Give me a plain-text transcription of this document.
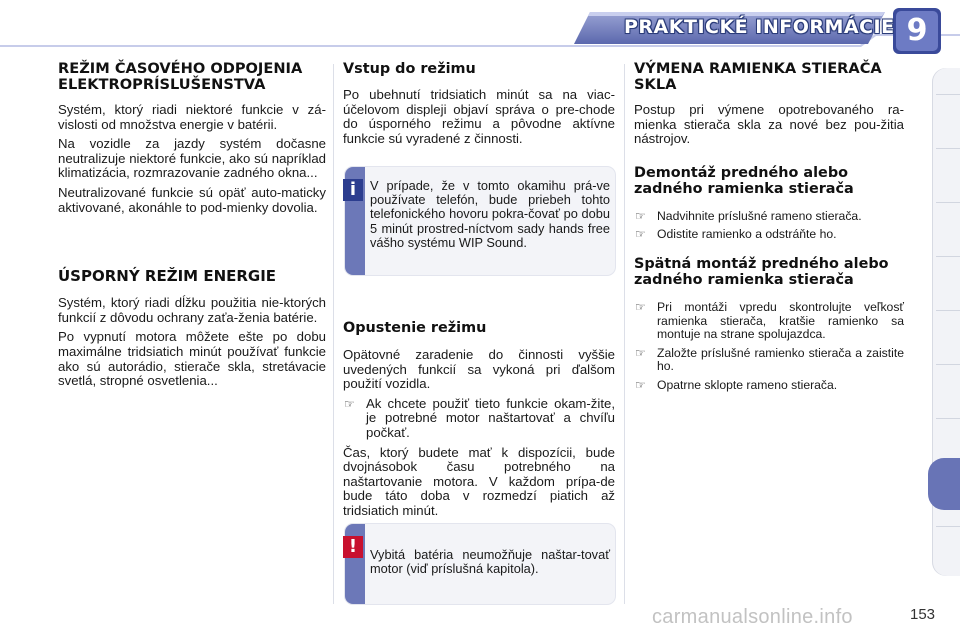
PRAKTICKÉ INFORMÁCIE 9
REŽIM ČASOVÉHO ODPOJENIA ELEKTROPRÍSLUŠENSTVA

Systém, ktorý riadi niektoré funkcie v zá-vislosti od množstva energie v batérii.

Na vozidle za jazdy systém dočasne neutralizuje niektoré funkcie, ako sú napríklad klimatizácia, rozmrazovanie zadného okna...

Neutralizované funkcie sú opäť auto-maticky aktivované, akonáhle to pod-mienky dovolia.

ÚSPORNÝ REŽIM ENERGIE

Systém, ktorý riadi dĺžku použitia nie-ktorých funkcií z dôvodu ochrany zaťa-ženia batérie.

Po vypnutí motora môžete ešte po dobu maximálne tridsiatich minút používať funkcie ako sú autorádio, stierače skla, stretávacie svetlá, stropné osvetlenia...

Vstup do režimu

Po ubehnutí tridsiatich minút sa na viac-účelovom displeji objaví správa o pre-chode do úsporného režimu a pôvodne aktívne funkcie sú vyradené z činnosti.

i	V prípade, že v tomto okamihu prá-ve používate telefón, bude priebeh tohto telefonického hovoru pokra-čovať po dobu 5 minút prostred-níctvom sady hands free vášho systému WIP Sound.
Opustenie režimu

Opätovné zaradenie do činnosti vyššie uvedených funkcií sa vykoná pri ďalšom použití vozidla.

☞ Ak chcete použiť tieto funkcie okam-žite, je potrebné motor naštartovať a chvíľu počkať.

Čas, ktorý budete mať k dispozícii, bude dvojnásobok času potrebného na naštartovanie motora. V každom prípa-de bude táto doba v rozmedzí piatich až tridsiatich minút.

!	Vybitá batéria neumožňuje naštar-tovať motor (viď príslušná kapitola).
VÝMENA RAMIENKA STIERAČA SKLA

Postup pri výmene opotrebovaného ra-mienka stierača skla za nové bez pou-žitia nástrojov.

Demontáž predného alebo zadného ramienka stierača
☞ Nadvihnite príslušné rameno stierača.
☞ Odistite ramienko a odstráňte ho.
Spätná montáž predného alebo zadného ramienka stierača
☞ Pri montáži vpredu skontrolujte veľkosť ramienka stierača, kratšie ramienko sa montuje na strane spolujazdca.
☞ Založte príslušné ramienko stierača a zaistite ho.
☞ Opatrne sklopte rameno stierača.
carmanualsonline.info	153
